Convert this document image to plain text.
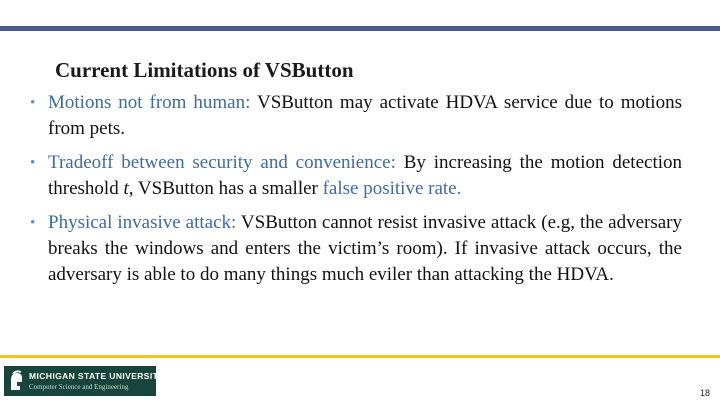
Current Limitations of VSButton
• Motions not from human: VSButton may activate HDVA service due to motions from pets.
• Tradeoff between security and convenience: By increasing the motion detection threshold t, VSButton has a smaller false positive rate.
• Physical invasive attack: VSButton cannot resist invasive attack (e.g, the adversary breaks the windows and enters the victim’s room). If invasive attack occurs, the adversary is able to do many things much eviler than attacking the HDVA.
MICHIGAN STATE UNIVERSITY
Computer Science and Engineering
18
